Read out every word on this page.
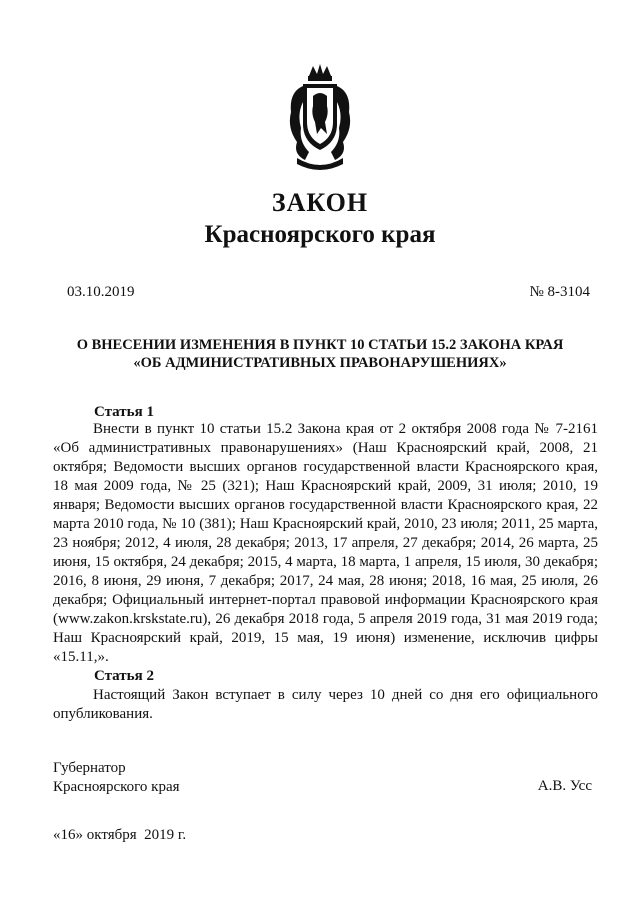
ЗАКОН
Красноярского края
03.10.2019	№ 8-3104
О ВНЕСЕНИИ ИЗМЕНЕНИЯ В ПУНКТ 10 СТАТЬИ 15.2 ЗАКОНА КРАЯ
«ОБ АДМИНИСТРАТИВНЫХ ПРАВОНАРУШЕНИЯХ»
Статья 1

Внести в пункт 10 статьи 15.2 Закона края от 2 октября 2008 года № 7-2161 «Об административных правонарушениях» (Наш Красноярский край, 2008, 21 октября; Ведомости высших органов государственной власти Красноярского края, 18 мая 2009 года, № 25 (321); Наш Красноярский край, 2009, 31 июля; 2010, 19 января; Ведомости высших органов государственной власти Красноярского края, 22 марта 2010 года, № 10 (381); Наш Красноярский край, 2010, 23 июля; 2011, 25 марта, 23 ноября; 2012, 4 июля, 28 декабря; 2013, 17 апреля, 27 декабря; 2014, 26 марта, 25 июня, 15 октября, 24 декабря; 2015, 4 марта, 18 марта, 1 апреля, 15 июля, 30 декабря; 2016, 8 июня, 29 июня, 7 декабря; 2017, 24 мая, 28 июня; 2018, 16 мая, 25 июля, 26 декабря; Официальный интернет-портал правовой информации Красноярского края (www.zakon.krskstate.ru), 26 декабря 2018 года, 5 апреля 2019 года, 31 мая 2019 года; Наш Красноярский край, 2019, 15 мая, 19 июня) изменение, исключив цифры «15.11,».

Статья 2

Настоящий Закон вступает в силу через 10 дней со дня его официального опубликования.

Губернатор
Красноярского края	А.В. Усс
«16» октября  2019 г.
